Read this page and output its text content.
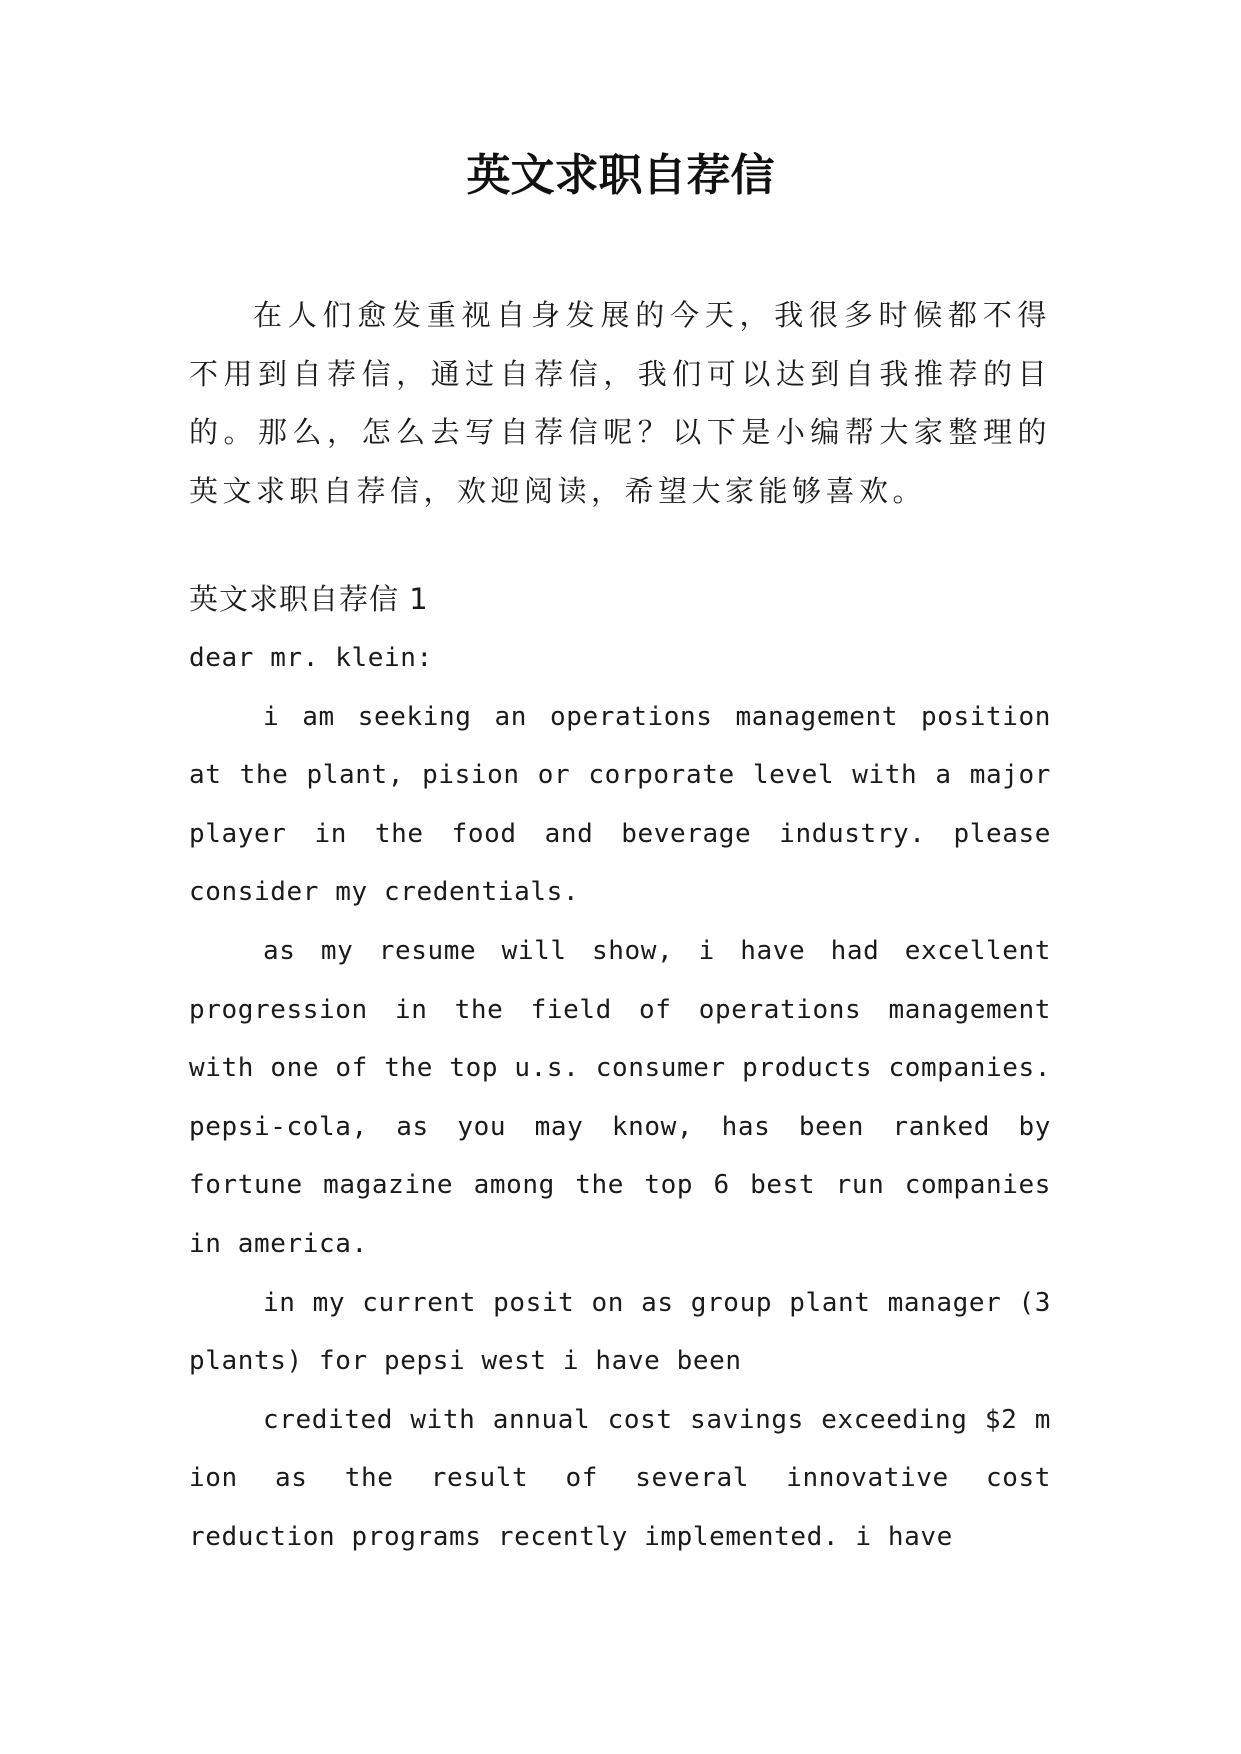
英文求职自荐信

在人们愈发重视自身发展的今天，我很多时候都不得不用到自荐信，通过自荐信，我们可以达到自我推荐的目的。那么，怎么去写自荐信呢？以下是小编帮大家整理的英文求职自荐信，欢迎阅读，希望大家能够喜欢。

英文求职自荐信 1

dear mr. klein:

i am seeking an operations management position at the plant, pision or corporate level with a major player in the food and beverage industry. please consider my credentials.

as my resume will show, i have had excellent progression in the field of operations management with one of the top u.s. consumer products companies. pepsi-cola, as you may know, has been ranked by fortune magazine among the top 6 best run companies in america.

in my current posit on as group plant manager (3 plants) for pepsi west i have been

credited with annual cost savings exceeding $2 m ion as the result of several innovative cost reduction programs recently implemented. i have
